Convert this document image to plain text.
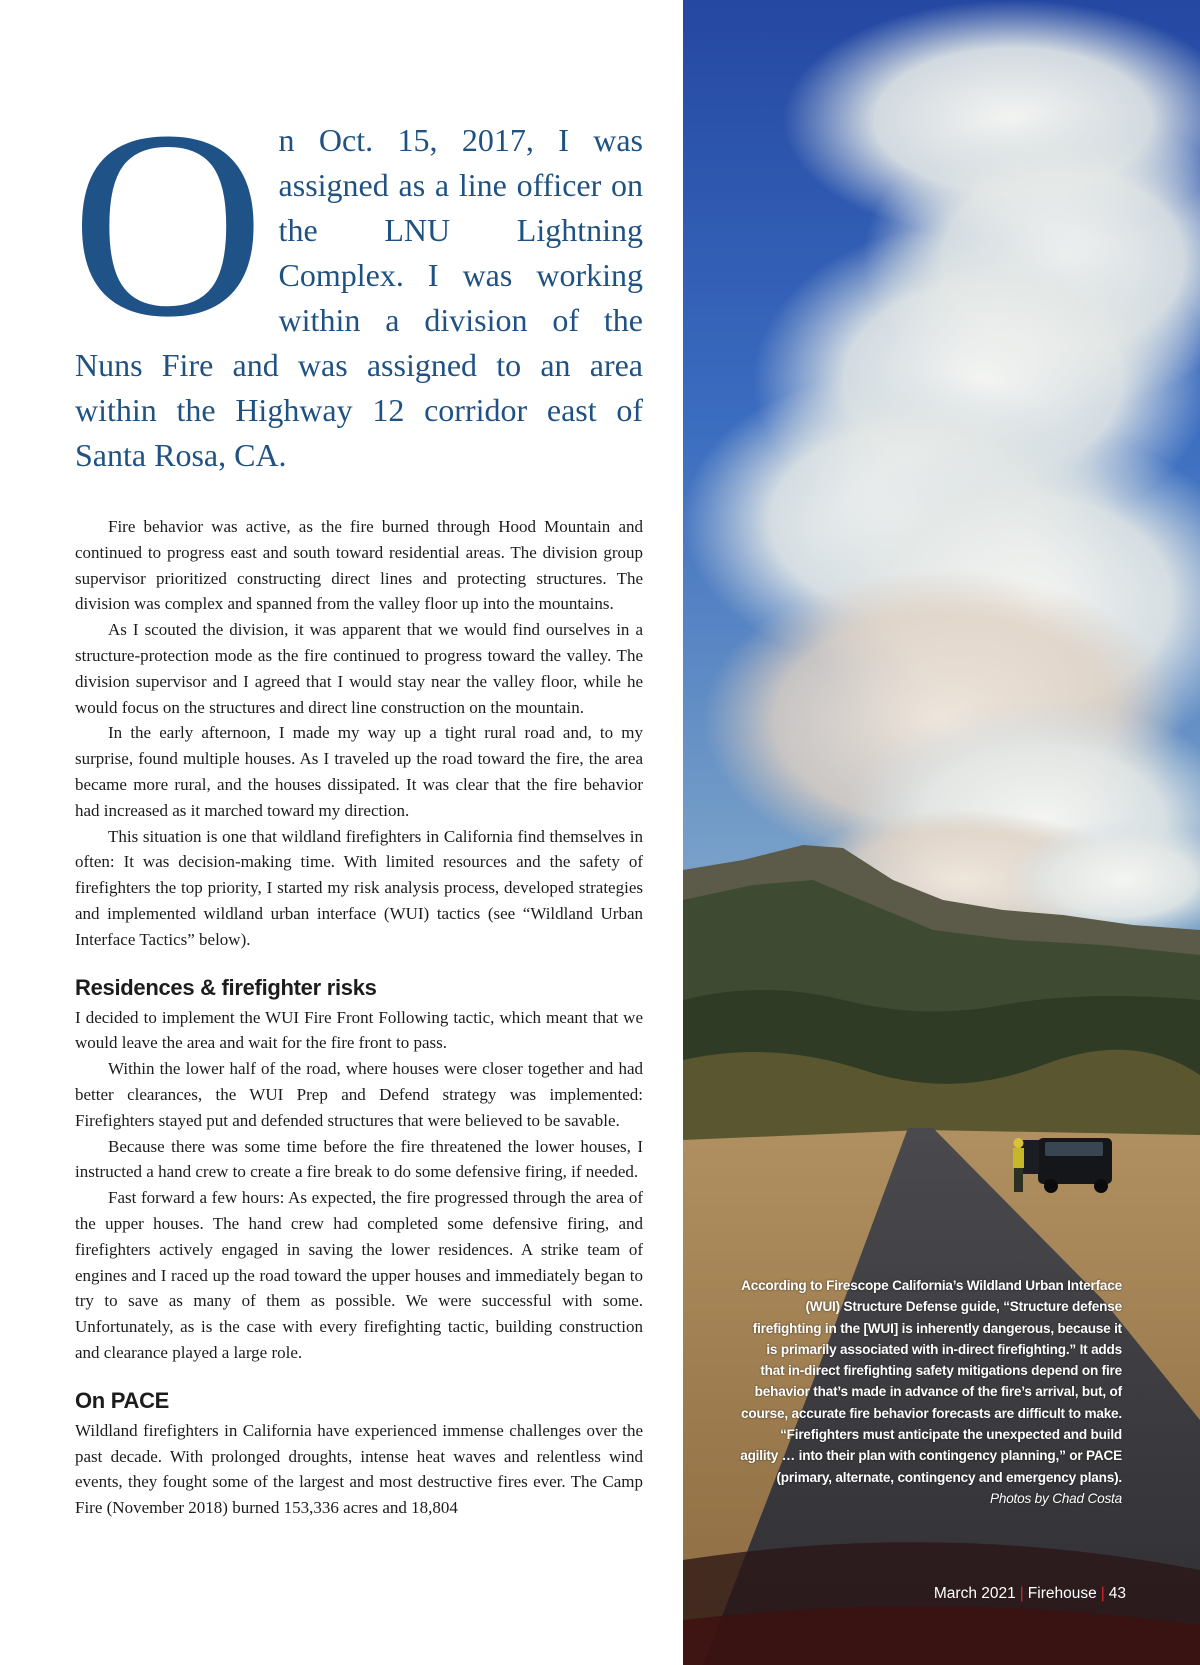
O n Oct. 15, 2017, I was assigned as a line officer on the LNU Lightning Complex. I was working within a division of the Nuns Fire and was assigned to an area within the Highway 12 corridor east of Santa Rosa, CA.

Fire behavior was active, as the fire burned through Hood Mountain and continued to progress east and south toward residential areas. The division group supervisor prioritized constructing direct lines and protecting structures. The division was complex and spanned from the valley floor up into the mountains.

As I scouted the division, it was apparent that we would find ourselves in a structure-protection mode as the fire continued to progress toward the valley. The division supervisor and I agreed that I would stay near the valley floor, while he would focus on the structures and direct line construction on the mountain.

In the early afternoon, I made my way up a tight rural road and, to my surprise, found multiple houses. As I traveled up the road toward the fire, the area became more rural, and the houses dissipated. It was clear that the fire behavior had increased as it marched toward my direction.

This situation is one that wildland firefighters in California find themselves in often: It was decision-making time. With limited resources and the safety of firefighters the top priority, I started my risk analysis process, developed strategies and implemented wildland urban interface (WUI) tactics (see “Wildland Urban Interface Tactics” below).

Residences & firefighter risks

I decided to implement the WUI Fire Front Following tactic, which meant that we would leave the area and wait for the fire front to pass.

Within the lower half of the road, where houses were closer together and had better clearances, the WUI Prep and Defend strategy was implemented: Firefighters stayed put and defended structures that were believed to be savable.

Because there was some time before the fire threatened the lower houses, I instructed a hand crew to create a fire break to do some defensive firing, if needed.

Fast forward a few hours: As expected, the fire progressed through the area of the upper houses. The hand crew had completed some defensive firing, and firefighters actively engaged in saving the lower residences. A strike team of engines and I raced up the road toward the upper houses and immediately began to try to save as many of them as possible. We were successful with some. Unfortunately, as is the case with every firefighting tactic, building construction and clearance played a large role.

On PACE

Wildland firefighters in California have experienced immense challenges over the past decade. With prolonged droughts, intense heat waves and relentless wind events, they fought some of the largest and most destructive fires ever. The Camp Fire (November 2018) burned 153,336 acres and 18,804

According to Firescope California’s Wildland Urban Interface (WUI) Structure Defense guide, “Structure defense firefighting in the [WUI] is inherently dangerous, because it is primarily associated with in-direct firefighting.” It adds that in-direct firefighting safety mitigations depend on fire behavior that’s made in advance of the fire’s arrival, but, of course, accurate fire behavior forecasts are difficult to make. “Firefighters must anticipate the unexpected and build agility … into their plan with contingency planning,” or PACE (primary, alternate, contingency and emergency plans). Photos by Chad Costa
March 2021 | Firehouse | 43
